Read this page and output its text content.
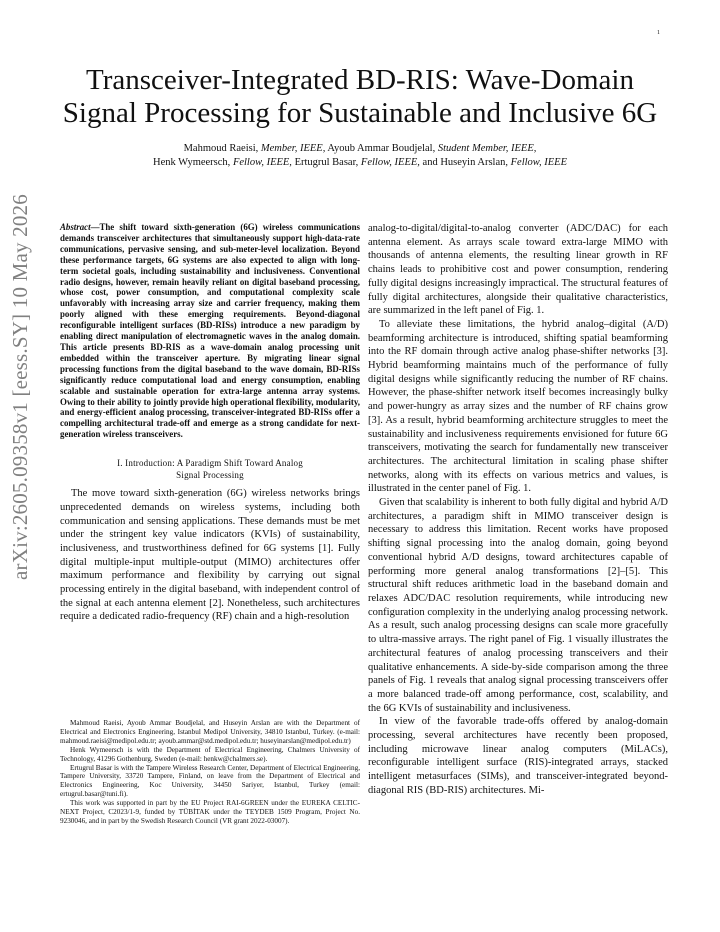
1
arXiv:2605.09358v1 [eess.SY] 10 May 2026
Transceiver-Integrated BD-RIS: Wave-Domain
Signal Processing for Sustainable and Inclusive 6G
Mahmoud Raeisi, Member, IEEE, Ayoub Ammar Boudjelal, Student Member, IEEE,
Henk Wymeersch, Fellow, IEEE, Ertugrul Basar, Fellow, IEEE, and Huseyin Arslan, Fellow, IEEE

Abstract—The shift toward sixth-generation (6G) wireless communications demands transceiver architectures that simultaneously support high-data-rate communications, pervasive sensing, and sub-meter-level localization. Beyond these performance targets, 6G systems are also expected to align with long-term societal goals, including sustainability and inclusiveness. Conventional radio designs, however, remain heavily reliant on digital baseband processing, whose cost, power consumption, and computational complexity scale unfavorably with increasing array size and carrier frequency, making them poorly aligned with these emerging requirements. Beyond-diagonal reconfigurable intelligent surfaces (BD-RISs) introduce a new paradigm by enabling direct manipulation of electromagnetic waves in the analog domain. This article presents BD-RIS as a wave-domain analog processing unit embedded within the transceiver aperture. By migrating linear signal processing functions from the digital baseband to the wave domain, BD-RISs significantly reduce computational load and energy consumption, enabling scalable and sustainable operation for extra-large antenna array systems. Owing to their ability to jointly provide high operational flexibility, modularity, and energy-efficient analog processing, transceiver-integrated BD-RISs offer a compelling architectural trade-off and emerge as a strong candidate for next-generation wireless transceivers.

I. Introduction: A Paradigm Shift Toward Analog
Signal Processing

The move toward sixth-generation (6G) wireless networks brings unprecedented demands on wireless systems, including both communication and sensing applications. These demands must be met under the stringent key value indicators (KVIs) of sustainability, inclusiveness, and trustworthiness defined for 6G systems [1]. Fully digital multiple-input multiple-output (MIMO) architectures offer maximum performance and flexibility by carrying out signal processing entirely in the digital baseband, with independent control of the signal at each antenna element [2]. Nonetheless, such architectures require a dedicated radio-frequency (RF) chain and a high-resolution

Mahmoud Raeisi, Ayoub Ammar Boudjelal, and Huseyin Arslan are with the Department of Electrical and Electronics Engineering, Istanbul Medipol University, 34810 Istanbul, Turkey. (e-mail: mahmoud.raeisi@medipol.edu.tr; ayoub.ammar@std.medipol.edu.tr; huseyinarslan@medipol.edu.tr)

Henk Wymeersch is with the Department of Electrical Engineering, Chalmers University of Technology, 41296 Gothenburg, Sweden (e-mail: henkw@chalmers.se).

Ertugrul Basar is with the Tampere Wireless Research Center, Department of Electrical Engineering, Tampere University, 33720 Tampere, Finland, on leave from the Department of Electrical and Electronics Engineering, Koc University, 34450 Sariyer, Istanbul, Turkey (email: ertugrul.basar@tuni.fi).

This work was supported in part by the EU Project RAI-6GREEN under the EUREKA CELTIC-NEXT Project, C2023/1-9, funded by TÜBİTAK under the TEYDEB 1509 Program, Project No. 9230046, and in part by the Swedish Research Council (VR grant 2022-03007).

analog-to-digital/digital-to-analog converter (ADC/DAC) for each antenna element. As arrays scale toward extra-large MIMO with thousands of antenna elements, the resulting linear growth in RF chains leads to prohibitive cost and power consumption, rendering fully digital designs increasingly impractical. The structural features of fully digital architectures, alongside their qualitative characteristics, are summarized in the left panel of Fig. 1.

To alleviate these limitations, the hybrid analog–digital (A/D) beamforming architecture is introduced, shifting spatial beamforming into the RF domain through active analog phase-shifter networks [3]. Hybrid beamforming maintains much of the performance of fully digital designs while significantly reducing the number of RF chains. However, the phase-shifter network itself becomes increasingly bulky and power-hungry as array sizes and the number of RF chains grow [3]. As a result, hybrid beamforming architecture struggles to meet the sustainability and inclusiveness requirements envisioned for future 6G transceivers, motivating the search for fundamentally new transceiver architectures. The architectural limitation in scaling phase shifter networks, along with its effects on various metrics and values, is illustrated in the center panel of Fig. 1.

Given that scalability is inherent to both fully digital and hybrid A/D architectures, a paradigm shift in MIMO transceiver design is necessary to address this limitation. Recent works have proposed shifting signal processing into the analog domain, going beyond conventional hybrid A/D designs, toward architectures capable of performing more general analog transformations [2]–[5]. This structural shift reduces arithmetic load in the baseband domain and relaxes ADC/DAC resolution requirements, while introducing new configuration complexity in the underlying analog processing network. As a result, such analog processing designs can scale more gracefully to ultra-massive arrays. The right panel of Fig. 1 visually illustrates the architectural features of analog processing transceivers and their qualitative enhancements. A side-by-side comparison among the three panels of Fig. 1 reveals that analog signal processing transceivers offer a more balanced trade-off among performance, cost, scalability, and the 6G KVIs of sustainability and inclusiveness.

In view of the favorable trade-offs offered by analog-domain processing, several architectures have recently been proposed, including microwave linear analog computers (MiLACs), reconfigurable intelligent surface (RIS)-integrated arrays, stacked intelligent metasurfaces (SIMs), and transceiver-integrated beyond-diagonal RIS (BD-RIS) architectures. Mi-
